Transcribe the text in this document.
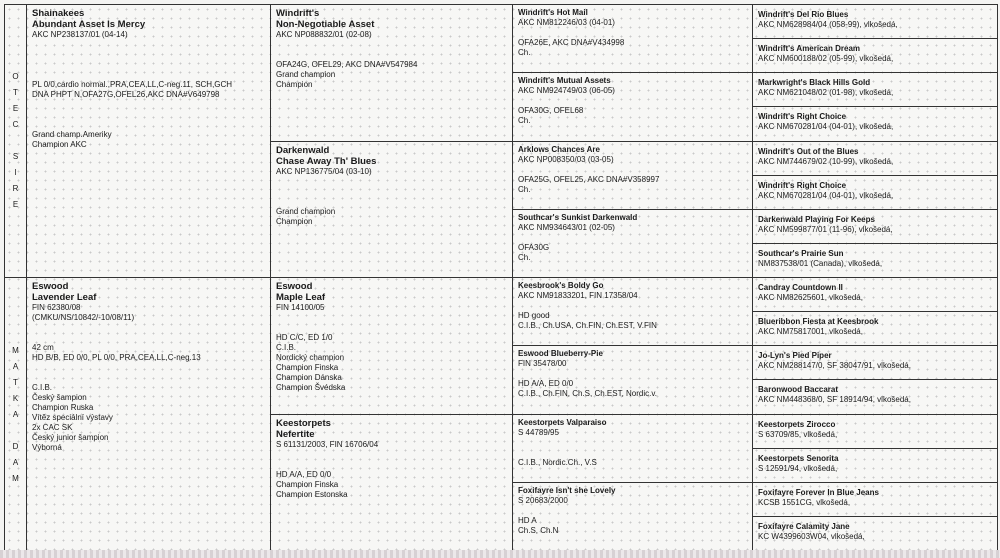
O
T
E
C

S
I
R
E
Shainakees
Abundant Asset Is Mercy
AKC NP238137/01 (04-14)
PL 0/0,cardio normal.,PRA,CEA,LL,C-neg.11, SCH,GCH
DNA PHPT N,OFA27G,OFEL26,AKC DNA#V649798
Grand champ.Ameriky
Champion AKC
Windrift's
Non-Negotiable Asset
AKC NP088832/01 (02-08)
OFA24G, OFEL29, AKC DNA#V547984
Grand champion
Champion
Darkenwald
Chase Away Th' Blues
AKC NP136775/04 (03-10)
Grand champion
Champion
Windrift's Hot Mail
AKC NM812246/03 (04-01)
OFA26E, AKC DNA#V434998
Ch.
Windrift's Mutual Assets
AKC NM924749/03 (06-05)
OFA30G, OFEL68
Ch.
Arklows Chances Are
AKC NP008350/03 (03-05)
OFA25G, OFEL25, AKC DNA#V358997
Ch.
Southcar's Sunkist Darkenwald
AKC NM934643/01 (02-05)
OFA30G
Ch.
Windrift's Del Rio Blues
AKC NM628984/04 (058-99), vlkošedá,
Windrift's American Dream
AKC NM600188/02 (05-99), vlkošedá,
Markwright's Black Hills Gold
AKC NM621048/02 (01-98), vlkošedá,
Windrift's Right Choice
AKC NM670281/04 (04-01), vlkošedá,
Windrift's Out of the Blues
AKC NM744679/02 (10-99), vlkošedá,
Windrift's Right Choice
AKC NM670281/04 (04-01), vlkošedá,
Darkenwald Playing For Keeps
AKC NM599877/01 (11-96), vlkošedá,
Southcar's Prairie Sun
NM837538/01 (Canada), vlkošedá,
M
A
T
K
A

D
A
M
Eswood
Lavender Leaf
FIN 62380/08
(CMKU/NS/10842/-10/08/11)
42 cm
HD B/B, ED 0/0, PL 0/0, PRA,CEA,LL,C-neg.13
C.I.B.
Český šampion
Champion Ruska
Vítěz speciální výstavy
2x CAC SK
Český junior šampion
Výborná
Eswood
Maple Leaf
FIN 14100/05
HD C/C, ED 1/0
C.I.B.
Nordický champion
Champion Finska
Champion Dánska
Champion Švédska
Keestorpets
Nefertite
S 61131/2003, FIN 16706/04
HD A/A, ED 0/0
Champion Finska
Champion Estonska
Keesbrook's Boldy Go
AKC NM91833201, FIN 17358/04
HD good
C.I.B., Ch.USA, Ch.FIN, Ch.EST, V.FIN
Eswood Blueberry-Pie
FIN 35478/00
HD A/A, ED 0/0
C.I.B., Ch.FIN, Ch.S, Ch.EST, Nordic.v.
Keestorpets Valparaiso
S 44789/95
C.I.B., Nordic.Ch., V.S
Foxifayre Isn't she Lovely
S 20683/2000
HD A
Ch.S, Ch.N
Candray Countdown II
AKC NM82625601, vlkošedá,
Blueribbon Fiesta at Keesbrook
AKC NM75817001, vlkošedá,
Jo-Lyn's Pied Piper
AKC NM288147/0, SF 38047/91, vlkošedá,
Baronwood Baccarat
AKC NM448368/0, SF 18914/94, vlkošedá,
Keestorpets Zirocco
S 63709/85, vlkošedá,
Keestorpets Senorita
S 12591/94, vlkošedá,
Foxifayre Forever In Blue Jeans
KCSB 1551CG, vlkošedá,
Foxifayre Calamity Jane
KC W4399603W04, vlkošedá,
